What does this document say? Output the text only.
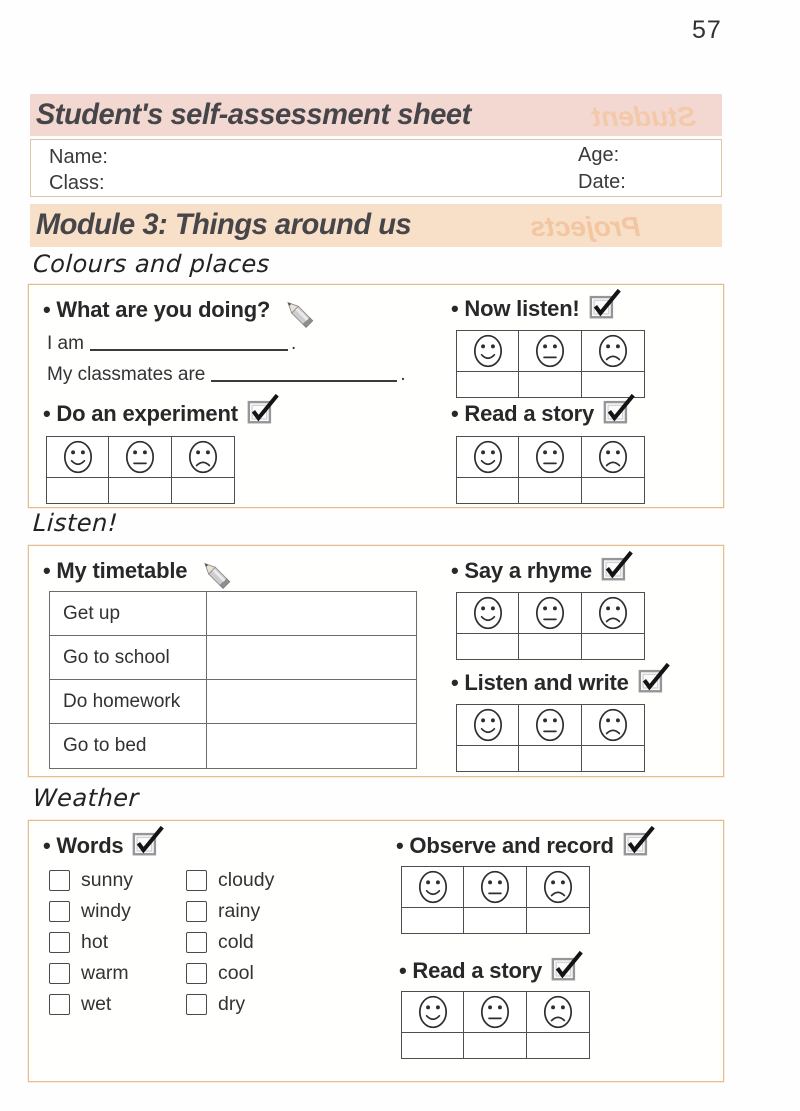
57
Student
Student's self-assessment sheet
Name:
Class:
Age:
Date:
Projects
Module 3: Things around us
Colours and places
• What are you doing?
I am	.
My classmates are	.
• Do an experiment
• Now listen!
• Read a story
Listen!
• My timetable
Get up
Go to school
Do homework
Go to bed
• Say a rhyme
• Listen and write
Weather
• Words
sunny	cloudy
windy	rainy
hot	cold
warm	cool
wet	dry
• Observe and record
• Read a story
